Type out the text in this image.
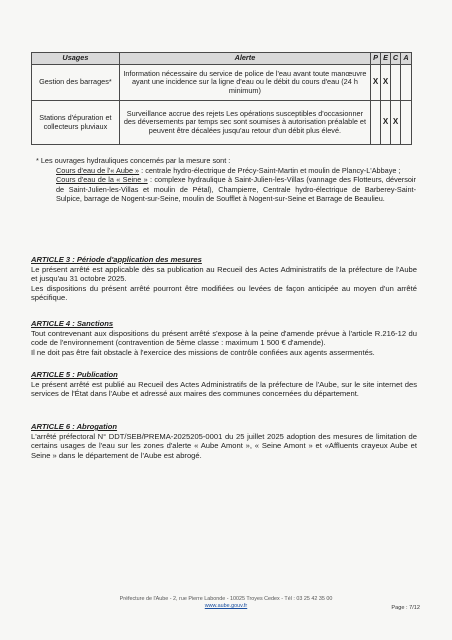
Usages	Alerte	P	E	C	A
Gestion des barrages*	Information nécessaire du service de police de l'eau avant toute manœuvre ayant une incidence sur la ligne d'eau ou le débit du cours d'eau (24 h minimum)	X	X		
Stations d'épuration et collecteurs pluviaux	Surveillance accrue des rejets Les opérations susceptibles d'occasionner des déversements par temps sec sont soumises à autorisation préalable et peuvent être décalées jusqu'au retour d'un débit plus élevé.		X	X	
* Les ouvrages hydrauliques concernés par la mesure sont :
Cours d'eau de l'« Aube » : centrale hydro-électrique de Précy-Saint-Martin et moulin de Plancy-L'Abbaye ;
Cours d'eau de la « Seine » : complexe hydraulique à Saint-Julien-les-Villas (vannage des Flotteurs, déversoir de Saint-Julien-les-Villas et moulin de Pétal), Champierre, Centrale hydro-électrique de Barberey-Saint-Sulpice, barrage de Nogent-sur-Seine, moulin de Soufflet à Nogent-sur-Seine et Barrage de Beaulieu.
ARTICLE 3 : Période d'application des mesures

Le présent arrêté est applicable dès sa publication au Recueil des Actes Administratifs de la préfecture de l'Aube et jusqu'au 31 octobre 2025.

Les dispositions du présent arrêté pourront être modifiées ou levées de façon anticipée au moyen d'un arrêté spécifique.

ARTICLE 4 : Sanctions

Tout contrevenant aux dispositions du présent arrêté s'expose à la peine d'amende prévue à l'article R.216-12 du code de l'environnement (contravention de 5ème classe : maximum 1 500 € d'amende).

Il ne doit pas être fait obstacle à l'exercice des missions de contrôle confiées aux agents assermentés.

ARTICLE 5 : Publication

Le présent arrêté est publié au Recueil des Actes Administratifs de la préfecture de l'Aube, sur le site internet des services de l'État dans l'Aube et adressé aux maires des communes concernées du département.

ARTICLE 6 : Abrogation

L'arrêté préfectoral N° DDT/SEB/PREMA-2025205-0001 du 25 juillet 2025 adoption des mesures de limitation de certains usages de l'eau sur les zones d'alerte « Aube Amont », « Seine Amont » et «Affluents crayeux Aube et Seine » dans le département de l'Aube est abrogé.

Préfecture de l'Aube - 2, rue Pierre Labonde - 10025 Troyes Cedex - Tél : 03 25 42 35 00
www.aube.gouv.fr	Page : 7/12
